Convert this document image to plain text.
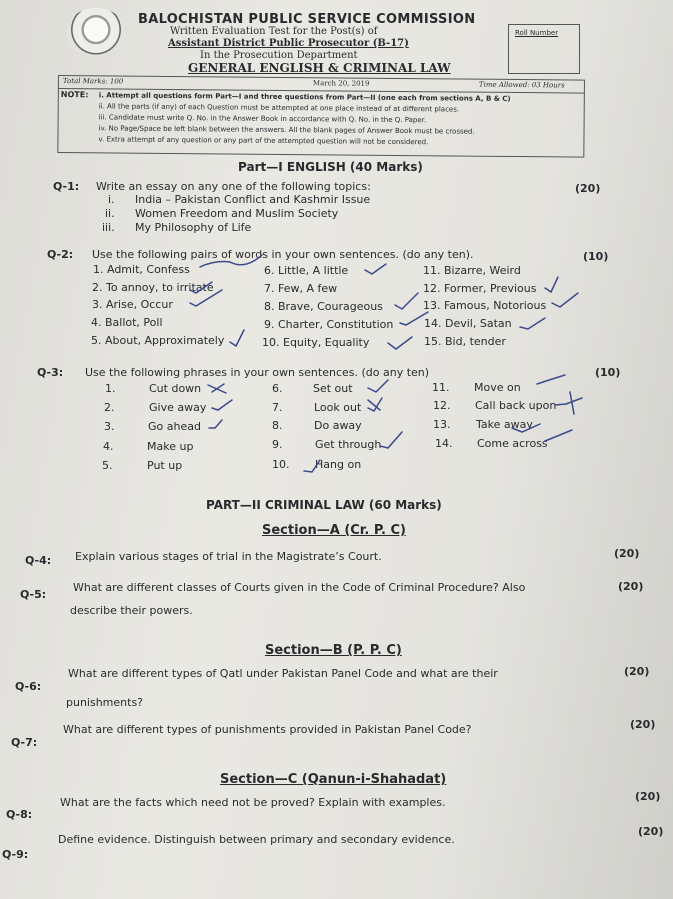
BALOCHISTAN PUBLIC SERVICE COMMISSION
Written Evaluation Test for the Post(s) of
Assistant District Public Prosecutor (B-17)
In the Prosecution Department
GENERAL ENGLISH & CRIMINAL LAW
Roll Number
Total Marks: 100	March 20, 2019	Time Allowed: 03 Hours
NOTE: i. Attempt all questions form Part—I and three questions from Part—II (one each from sections A, B & C)
ii. All the parts (if any) of each Question must be attempted at one place instead of at different places.
iii. Candidate must write Q. No. in the Answer Book in accordance with Q. No. in the Q. Paper.
iv. No Page/Space be left blank between the answers. All the blank pages of Answer Book must be crossed.
v. Extra attempt of any question or any part of the attempted question will not be considered.
Part—I ENGLISH (40 Marks)
Q-1: Write an essay on any one of the following topics:	(20)
i. India – Pakistan Conflict and Kashmir Issue
ii. Women Freedom and Muslim Society
iii. My Philosophy of Life
Q-2: Use the following pairs of words in your own sentences. (do any ten).	(10)
1. Admit, Confess
2. To annoy, to irritate
3. Arise, Occur
4. Ballot, Poll
5. About, Approximately
6. Little, A little
7. Few, A few
8. Brave, Courageous
9. Charter, Constitution
10. Equity, Equality
11. Bizarre, Weird
12. Former, Previous
13. Famous, Notorious
14. Devil, Satan
15. Bid, tender
Q-3: Use the following phrases in your own sentences. (do any ten)	(10)
1.	Cut down
2.	Give away
3.	Go ahead
4.	Make up
5.	Put up
6.	Set out
7.	Look out
8.	Do away
9.	Get through
10. Hang on
11. Move on
12. Call back upon
13. Take away
14. Come across
PART—II CRIMINAL LAW (60 Marks)
Section—A (Cr. P. C)
Q-4: Explain various stages of trial in the Magistrate’s Court.	(20)
Q-5:
What are different classes of Courts given in the Code of Criminal Procedure? Also
describe their powers.
(20)
Section—B (P. P. C)
Q-6:
What are different types of Qatl under Pakistan Panel Code and what are their
punishments?
(20)
Q-7:
What are different types of punishments provided in Pakistan Panel Code?	(20)
Section—C (Qanun-i-Shahadat)
Q-8:
What are the facts which need not be proved? Explain with examples.	(20)
Q-9:
Define evidence. Distinguish between primary and secondary evidence.
(20)
